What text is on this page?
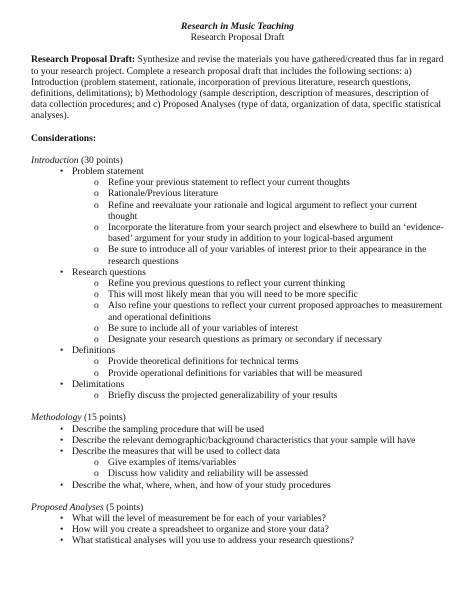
Research in Music Teaching

Research Proposal Draft

Research Proposal Draft: Synthesize and revise the materials you have gathered/created thus far in regard to your research project. Complete a research proposal draft that includes the following sections: a) Introduction (problem statement, rationale, incorporation of previous literature, research questions, definitions, delimitations); b) Methodology (sample description, description of measures, description of data collection procedures; and c) Proposed Analyses (type of data, organization of data, specific statistical analyses).

Considerations:

Introduction (30 points)

• Problem statement
o Refine your previous statement to reflect your current thoughts
o Rationale/Previous literature
o Refine and reevaluate your rationale and logical argument to reflect your current thought
o Incorporate the literature from your search project and elsewhere to build an ‘evidence-based’ argument for your study in addition to your logical-based argument
o Be sure to introduce all of your variables of interest prior to their appearance in the research questions
• Research questions
o Refine you previous questions to reflect your current thinking
o This will most likely mean that you will need to be more specific
o Also refine your questions to reflect your current proposed approaches to measurement and operational definitions
o Be sure to include all of your variables of interest
o Designate your research questions as primary or secondary if necessary
• Definitions
o Provide theoretical definitions for technical terms
o Provide operational definitions for variables that will be measured
• Delimitations
o Briefly discuss the projected generalizability of your results

Methodology (15 points)

• Describe the sampling procedure that will be used
• Describe the relevant demographic/background characteristics that your sample will have
• Describe the measures that will be used to collect data
o Give examples of items/variables
o Discuss how validity and reliability will be assessed
• Describe the what, where, when, and how of your study procedures

Proposed Analyses (5 points)

• What will the level of measurement be for each of your variables?
• How will you create a spreadsheet to organize and store your data?
• What statistical analyses will you use to address your research questions?
